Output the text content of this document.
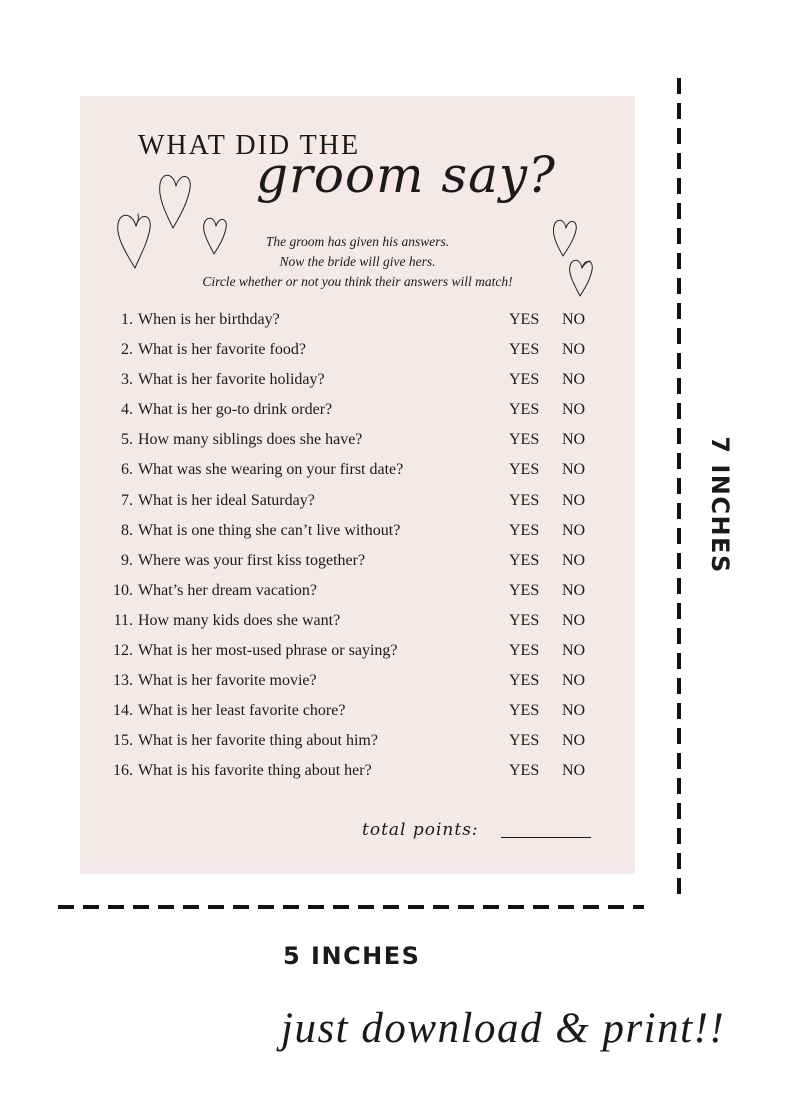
WHAT DID THE
groom say?
The groom has given his answers.
Now the bride will give hers.
Circle whether or not you think their answers will match!
1. When is her birthday?	YES NO
2. What is her favorite food?	YES NO
3. What is her favorite holiday?	YES NO
4. What is her go-to drink order?	YES NO
5. How many siblings does she have?	YES NO
6. What was she wearing on your first date?	YES NO
7. What is her ideal Saturday?	YES NO
8. What is one thing she can’t live without?	YES NO
9. Where was your first kiss together?	YES NO
10. What’s her dream vacation?	YES NO
11. How many kids does she want?	YES NO
12. What is her most-used phrase or saying?	YES NO
13. What is her favorite movie?	YES NO
14. What is her least favorite chore?	YES NO
15. What is her favorite thing about him?	YES NO
16. What is his favorite thing about her?	YES NO
total points:
7 INCHES
5 INCHES
just download & print!!
